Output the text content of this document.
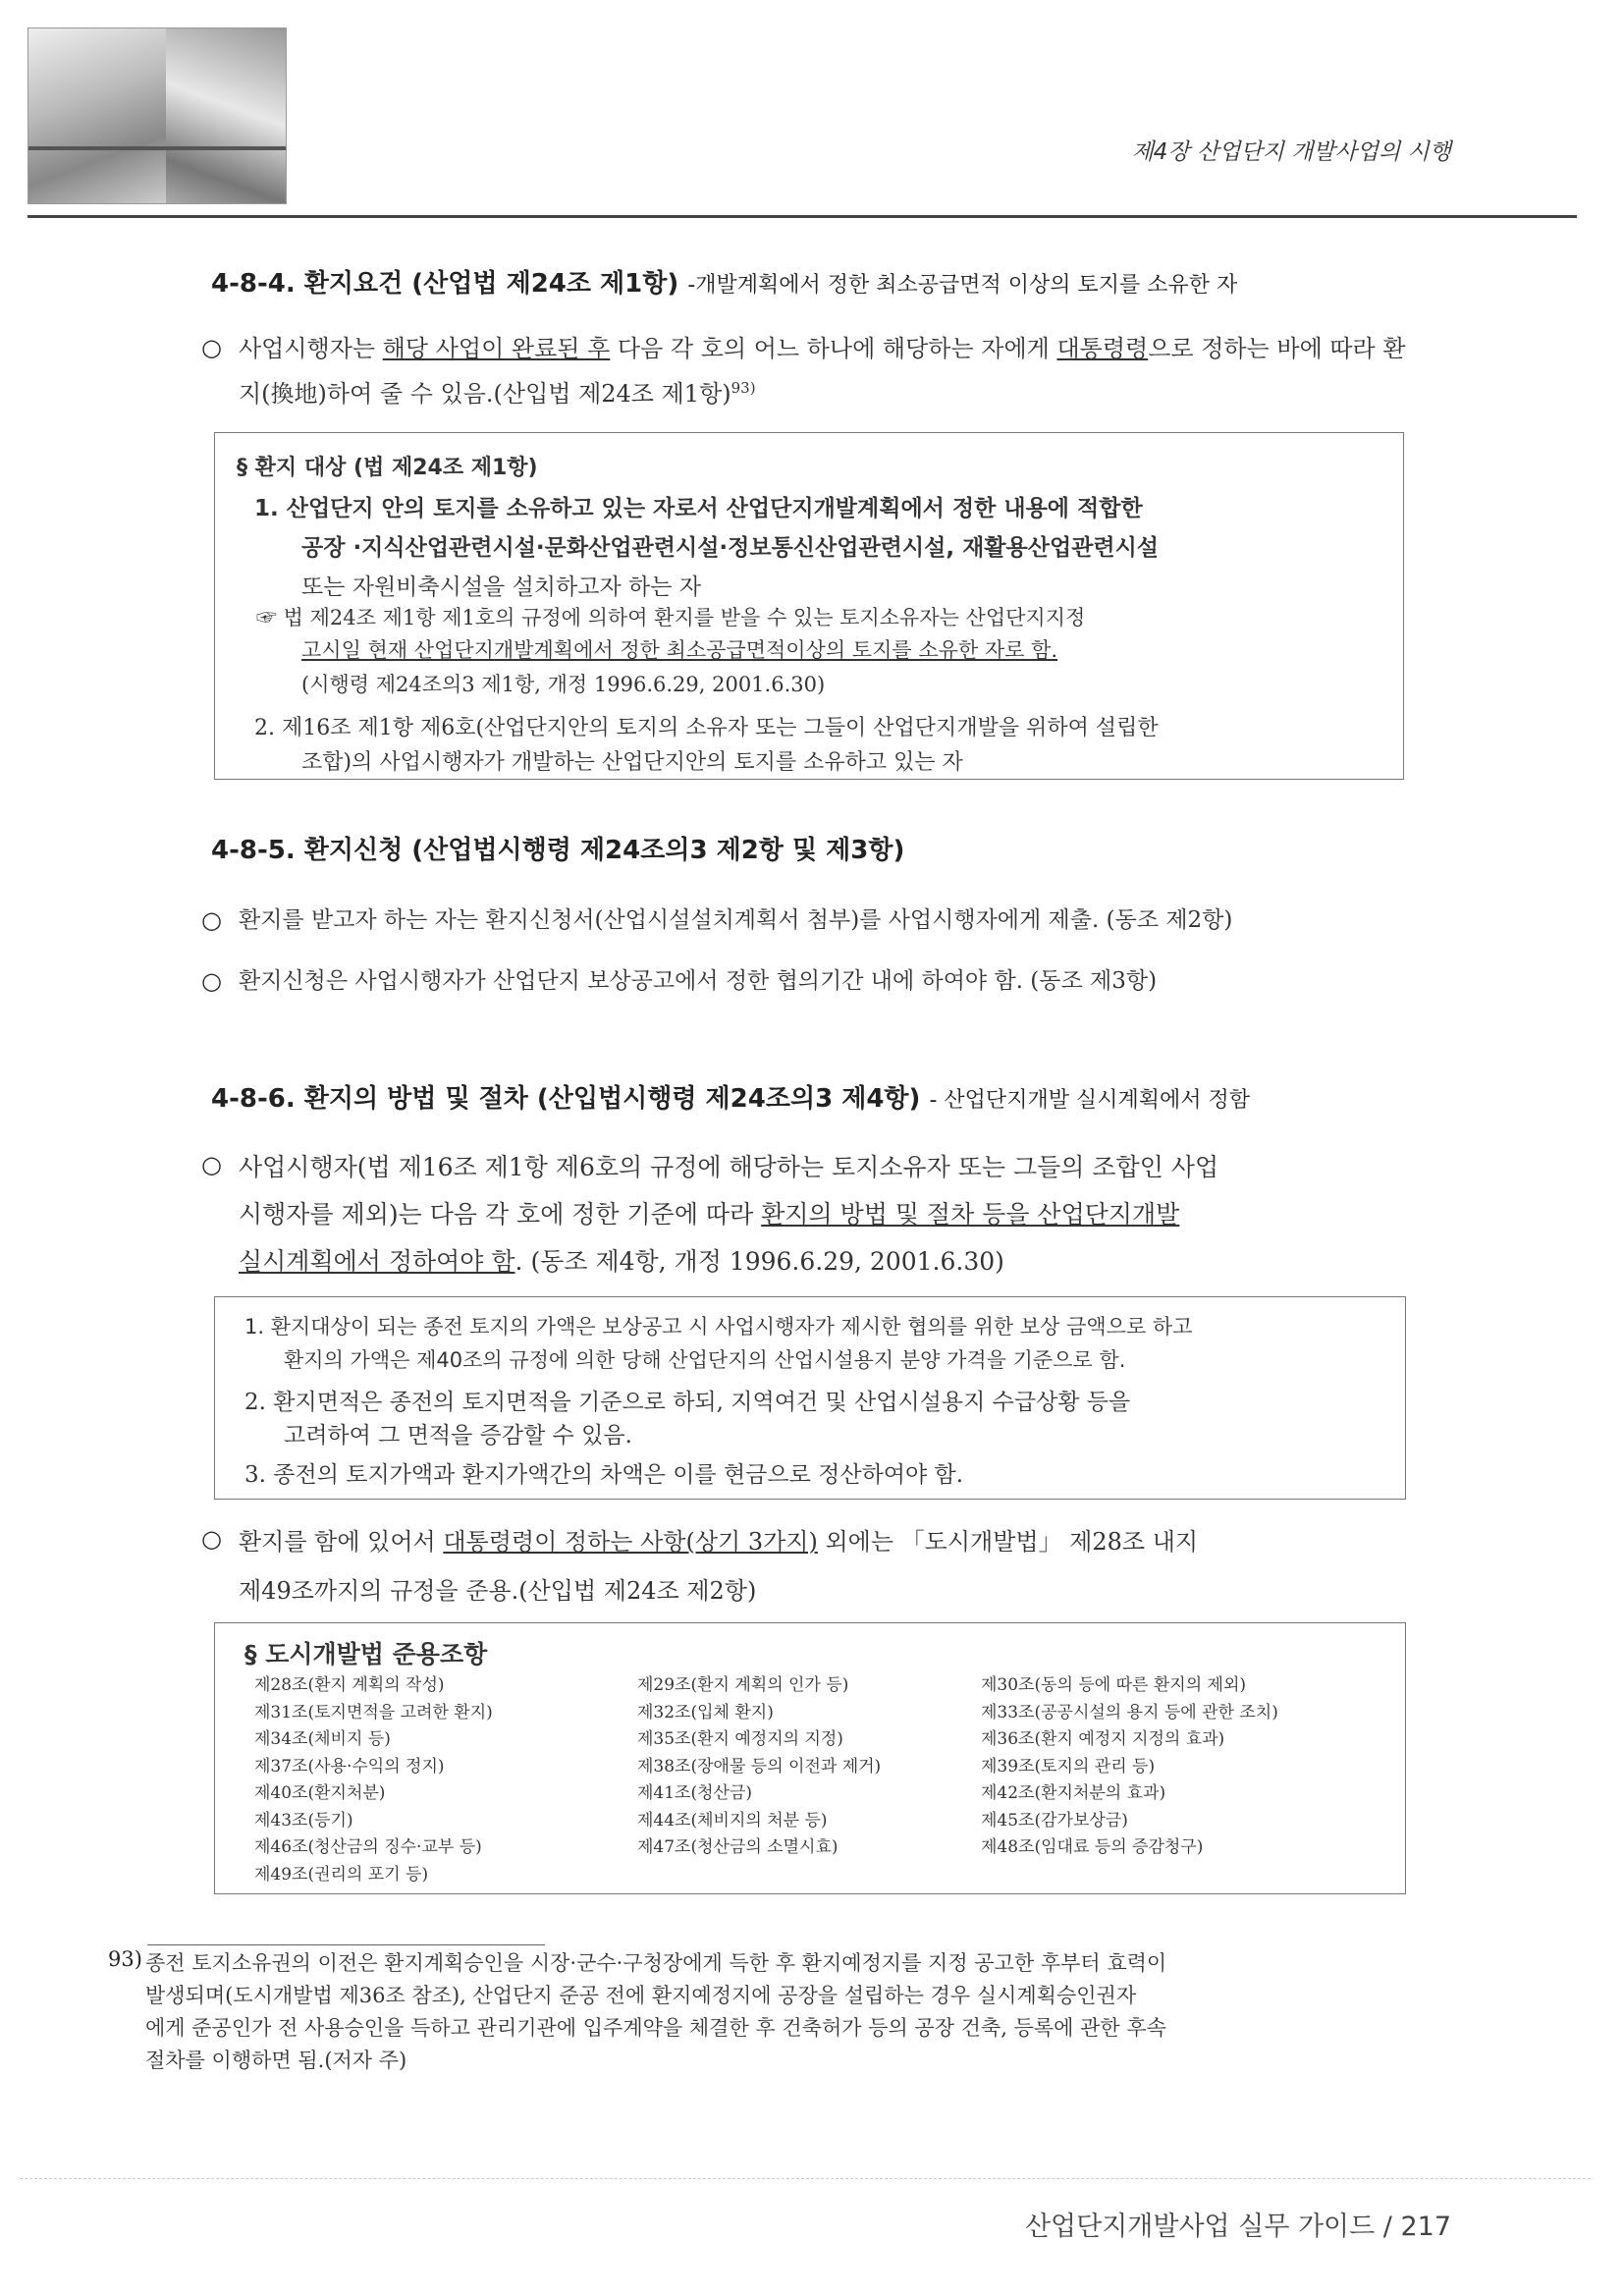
제4장 산업단지 개발사업의 시행
4-8-4. 환지요건 (산업법 제24조 제1항) -개발계획에서 정한 최소공급면적 이상의 토지를 소유한 자
○ 사업시행자는 해당 사업이 완료된 후 다음 각 호의 어느 하나에 해당하는 자에게 대통령령으로 정하는 바에 따라 환지(換地)하여 줄 수 있음.(산입법 제24조 제1항)$^{93)}$
§ 환지 대상 (법 제24조 제1항)
1. 산업단지 안의 토지를 소유하고 있는 자로서 산업단지개발계획에서 정한 내용에 적합한
공장 ·지식산업관련시설·문화산업관련시설·정보통신산업관련시설, 재활용산업관련시설
또는 자원비축시설을 설치하고자 하는 자
☞ 법 제24조 제1항 제1호의 규정에 의하여 환지를 받을 수 있는 토지소유자는 산업단지지정
고시일 현재 산업단지개발계획에서 정한 최소공급면적이상의 토지를 소유한 자로 함.
(시행령 제24조의3 제1항, 개정 1996.6.29, 2001.6.30)
2. 제16조 제1항 제6호(산업단지안의 토지의 소유자 또는 그들이 산업단지개발을 위하여 설립한
조합)의 사업시행자가 개발하는 산업단지안의 토지를 소유하고 있는 자
4-8-5. 환지신청 (산업법시행령 제24조의3 제2항 및 제3항)
○ 환지를 받고자 하는 자는 환지신청서(산업시설설치계획서 첨부)를 사업시행자에게 제출. (동조 제2항)
○ 환지신청은 사업시행자가 산업단지 보상공고에서 정한 협의기간 내에 하여야 함. (동조 제3항)
4-8-6. 환지의 방법 및 절차 (산입법시행령 제24조의3 제4항) - 산업단지개발 실시계획에서 정함
○ 사업시행자(법 제16조 제1항 제6호의 규정에 해당하는 토지소유자 또는 그들의 조합인 사업
시행자를 제외)는 다음 각 호에 정한 기준에 따라 환지의 방법 및 절차 등을 산업단지개발
실시계획에서 정하여야 함. (동조 제4항, 개정 1996.6.29, 2001.6.30)
1. 환지대상이 되는 종전 토지의 가액은 보상공고 시 사업시행자가 제시한 협의를 위한 보상 금액으로 하고
환지의 가액은 제40조의 규정에 의한 당해 산업단지의 산업시설용지 분양 가격을 기준으로 함.
2. 환지면적은 종전의 토지면적을 기준으로 하되, 지역여건 및 산업시설용지 수급상황 등을
고려하여 그 면적을 증감할 수 있음.
3. 종전의 토지가액과 환지가액간의 차액은 이를 현금으로 정산하여야 함.
○ 환지를 함에 있어서 대통령령이 정하는 사항(상기 3가지) 외에는 「도시개발법」 제28조 내지
제49조까지의 규정을 준용.(산입법 제24조 제2항)
§ 도시개발법 준용조항
제28조(환지 계획의 작성)
제31조(토지면적을 고려한 환지)
제34조(체비지 등)
제37조(사용·수익의 정지)
제40조(환지처분)
제43조(등기)
제46조(청산금의 징수·교부 등)
제49조(권리의 포기 등)
제29조(환지 계획의 인가 등)
제32조(입체 환지)
제35조(환지 예정지의 지정)
제38조(장애물 등의 이전과 제거)
제41조(청산금)
제44조(체비지의 처분 등)
제47조(청산금의 소멸시효)
제30조(동의 등에 따른 환지의 제외)
제33조(공공시설의 용지 등에 관한 조치)
제36조(환지 예정지 지정의 효과)
제39조(토지의 관리 등)
제42조(환지처분의 효과)
제45조(감가보상금)
제48조(임대료 등의 증감청구)
93) 종전 토지소유권의 이전은 환지계획승인을 시장·군수·구청장에게 득한 후 환지예정지를 지정 공고한 후부터 효력이
발생되며(도시개발법 제36조 참조), 산업단지 준공 전에 환지예정지에 공장을 설립하는 경우 실시계획승인권자
에게 준공인가 전 사용승인을 득하고 관리기관에 입주계약을 체결한 후 건축허가 등의 공장 건축, 등록에 관한 후속
절차를 이행하면 됨.(저자 주)
산업단지개발사업 실무 가이드 / 217
